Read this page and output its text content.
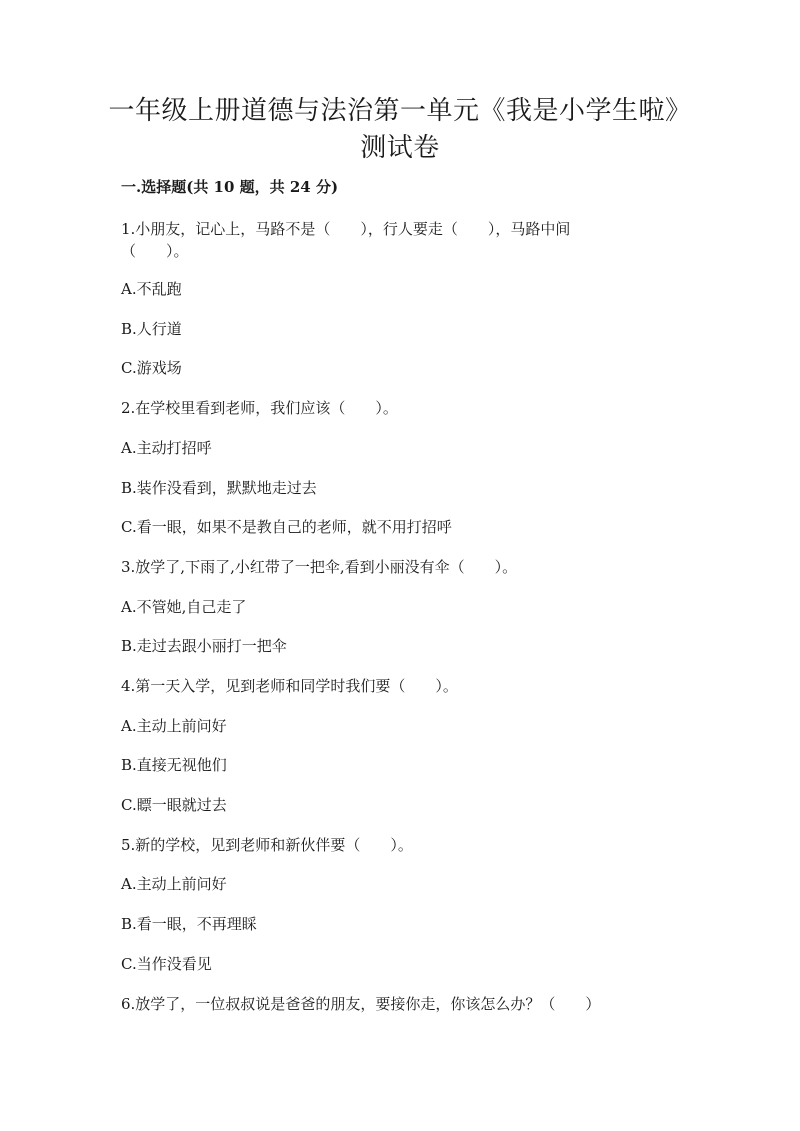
一年级上册道德与法治第一单元《我是小学生啦》
测试卷
一.选择题(共 10 题，共 24 分)

1.小朋友，记心上，马路不是（　　），行人要走（　　），马路中间

（　　）。

A.不乱跑

B.人行道

C.游戏场

2.在学校里看到老师，我们应该（　　）。

A.主动打招呼

B.装作没看到，默默地走过去

C.看一眼，如果不是教自己的老师，就不用打招呼

3.放学了,下雨了,小红带了一把伞,看到小丽没有伞（　　）。

A.不管她,自己走了

B.走过去跟小丽打一把伞

4.第一天入学，见到老师和同学时我们要（　　）。

A.主动上前问好

B.直接无视他们

C.瞟一眼就过去

5.新的学校，见到老师和新伙伴要（　　）。

A.主动上前问好

B.看一眼，不再理睬

C.当作没看见

6.放学了，一位叔叔说是爸爸的朋友，要接你走，你该怎么办？（　　）
